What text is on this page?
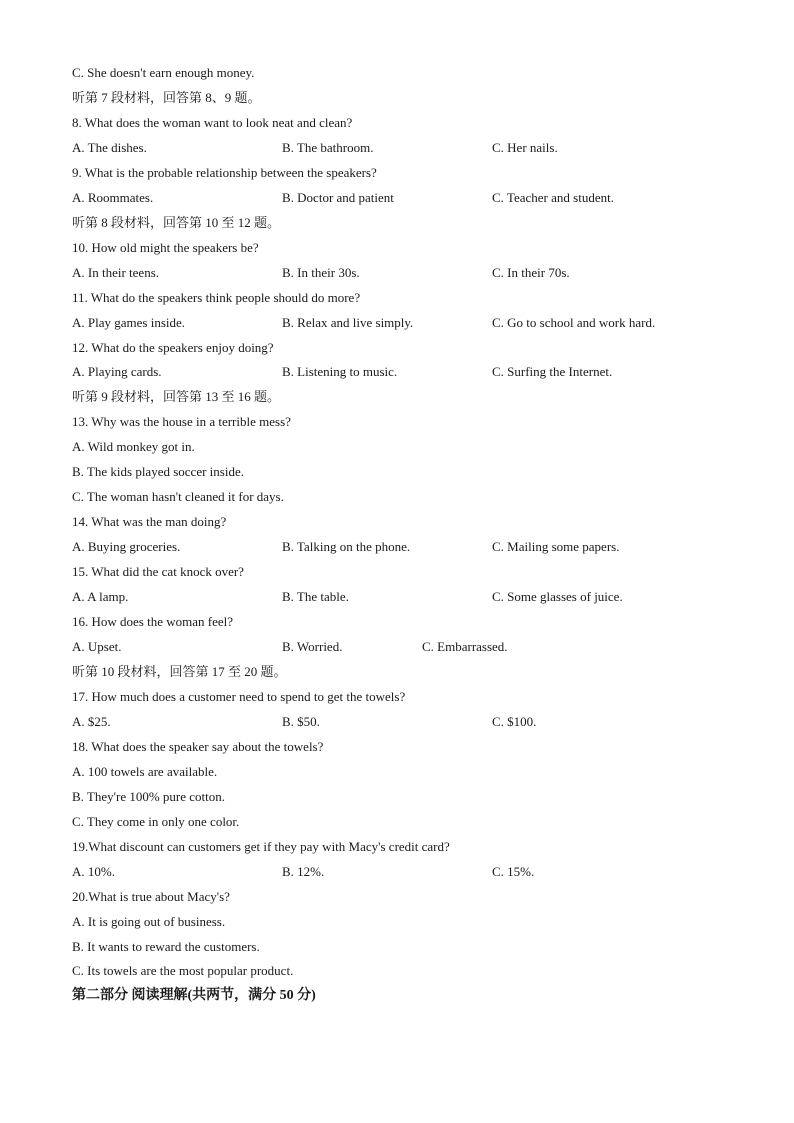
C. She doesn't earn enough money.
听第 7 段材料，回答第 8、9 题。
8. What does the woman want to look neat and clean?
A. The dishes.	B. The bathroom.	C. Her nails.
9. What is the probable relationship between the speakers?
A. Roommates.	B. Doctor and patient	C. Teacher and student.
听第 8 段材料，回答第 10 至 12 题。
10. How old might the speakers be?
A. In their teens.	B. In their 30s.	C. In their 70s.
11. What do the speakers think people should do more?
A. Play games inside.	B. Relax and live simply.	C. Go to school and work hard.
12. What do the speakers enjoy doing?
A. Playing cards.	B. Listening to music.	C. Surfing the Internet.
听第 9 段材料，回答第 13 至 16 题。
13. Why was the house in a terrible mess?
A. Wild monkey got in.
B. The kids played soccer inside.
C. The woman hasn't cleaned it for days.
14. What was the man doing?
A. Buying groceries.	B. Talking on the phone.	C. Mailing some papers.
15. What did the cat knock over?
A. A lamp.	B. The table.	C. Some glasses of juice.
16. How does the woman feel?
A. Upset.	B. Worried.	C. Embarrassed.
听第 10 段材料，回答第 17 至 20 题。
17. How much does a customer need to spend to get the towels?
A. $25.	B. $50.	C. $100.
18. What does the speaker say about the towels?
A. 100 towels are available.
B. They're 100% pure cotton.
C. They come in only one color.
19.What discount can customers get if they pay with Macy's credit card?
A. 10%.	B. 12%.	C. 15%.
20.What is true about Macy's?
A. It is going out of business.
B. It wants to reward the customers.
C. Its towels are the most popular product.
第二部分 阅读理解(共两节，满分 50 分)
